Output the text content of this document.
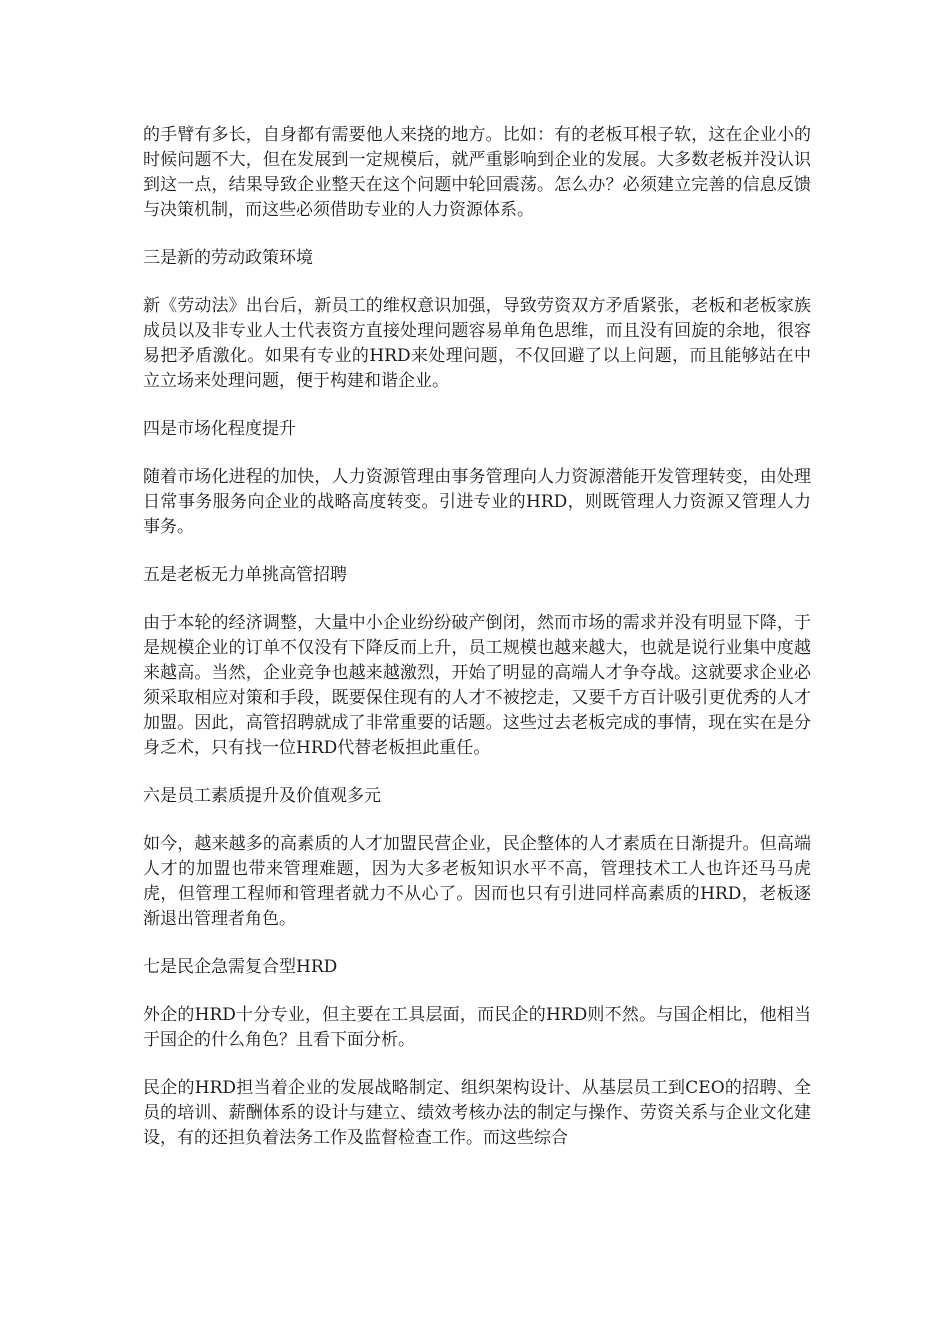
的手臂有多长，自身都有需要他人来挠的地方。比如：有的老板耳根子软，这在企业小的时候问题不大，但在发展到一定规模后，就严重影响到企业的发展。大多数老板并没认识到这一点，结果导致企业整天在这个问题中轮回震荡。怎么办？必须建立完善的信息反馈与决策机制，而这些必须借助专业的人力资源体系。

三是新的劳动政策环境

新《劳动法》出台后，新员工的维权意识加强，导致劳资双方矛盾紧张，老板和老板家族成员以及非专业人士代表资方直接处理问题容易单角色思维，而且没有回旋的余地，很容易把矛盾激化。如果有专业的HRD来处理问题，不仅回避了以上问题，而且能够站在中立立场来处理问题，便于构建和谐企业。

四是市场化程度提升

随着市场化进程的加快，人力资源管理由事务管理向人力资源潜能开发管理转变，由处理日常事务服务向企业的战略高度转变。引进专业的HRD，则既管理人力资源又管理人力事务。

五是老板无力单挑高管招聘

由于本轮的经济调整，大量中小企业纷纷破产倒闭，然而市场的需求并没有明显下降，于是规模企业的订单不仅没有下降反而上升，员工规模也越来越大，也就是说行业集中度越来越高。当然，企业竞争也越来越激烈，开始了明显的高端人才争夺战。这就要求企业必须采取相应对策和手段，既要保住现有的人才不被挖走，又要千方百计吸引更优秀的人才加盟。因此，高管招聘就成了非常重要的话题。这些过去老板完成的事情，现在实在是分身乏术，只有找一位HRD代替老板担此重任。

六是员工素质提升及价值观多元

如今，越来越多的高素质的人才加盟民营企业，民企整体的人才素质在日渐提升。但高端人才的加盟也带来管理难题，因为大多老板知识水平不高，管理技术工人也许还马马虎虎，但管理工程师和管理者就力不从心了。因而也只有引进同样高素质的HRD，老板逐渐退出管理者角色。

七是民企急需复合型HRD

外企的HRD十分专业，但主要在工具层面，而民企的HRD则不然。与国企相比，他相当于国企的什么角色？且看下面分析。

民企的HRD担当着企业的发展战略制定、组织架构设计、从基层员工到CEO的招聘、全员的培训、薪酬体系的设计与建立、绩效考核办法的制定与操作、劳资关系与企业文化建设，有的还担负着法务工作及监督检查工作。而这些综合
